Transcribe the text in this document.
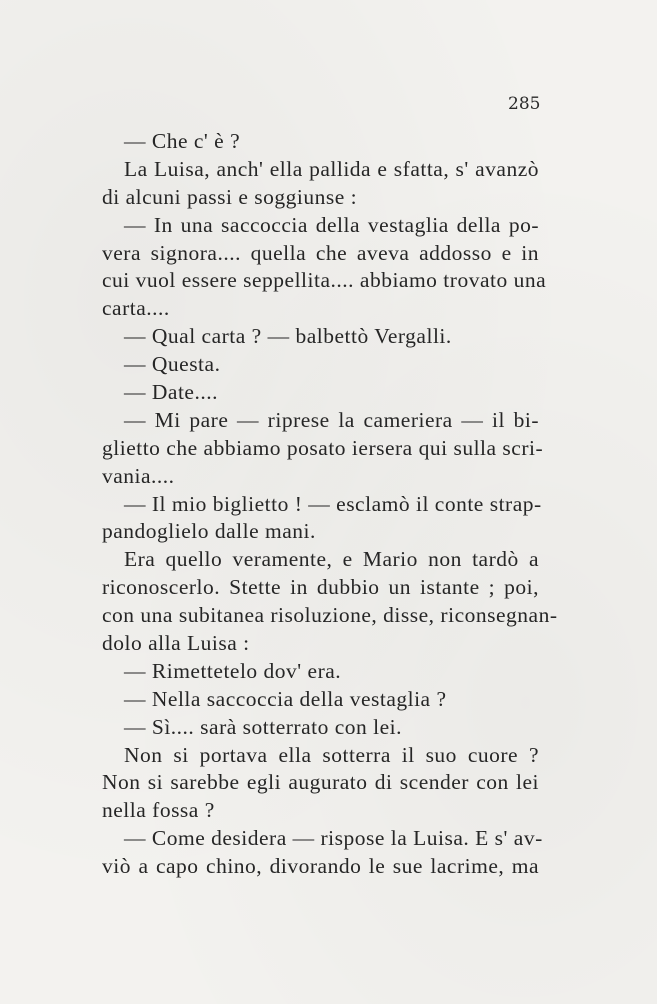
285
— Che c' è ?
La Luisa, anch' ella pallida e sfatta, s' avanzò
di alcuni passi e soggiunse :
— In una saccoccia della vestaglia della po-
vera signora.... quella che aveva addosso e in
cui vuol essere seppellita.... abbiamo trovato una
carta....
— Qual carta ? — balbettò Vergalli.
— Questa.
— Date....
— Mi pare — riprese la cameriera — il bi-
glietto che abbiamo posato iersera qui sulla scri-
vania....
— Il mio biglietto ! — esclamò il conte strap-
pandoglielo dalle mani.
Era quello veramente, e Mario non tardò a
riconoscerlo. Stette in dubbio un istante ; poi,
con una subitanea risoluzione, disse, riconsegnan-
dolo alla Luisa :
— Rimettetelo dov' era.
— Nella saccoccia della vestaglia ?
— Sì.... sarà sotterrato con lei.
Non si portava ella sotterra il suo cuore ?
Non si sarebbe egli augurato di scender con lei
nella fossa ?
— Come desidera — rispose la Luisa. E s' av-
viò a capo chino, divorando le sue lacrime, ma
